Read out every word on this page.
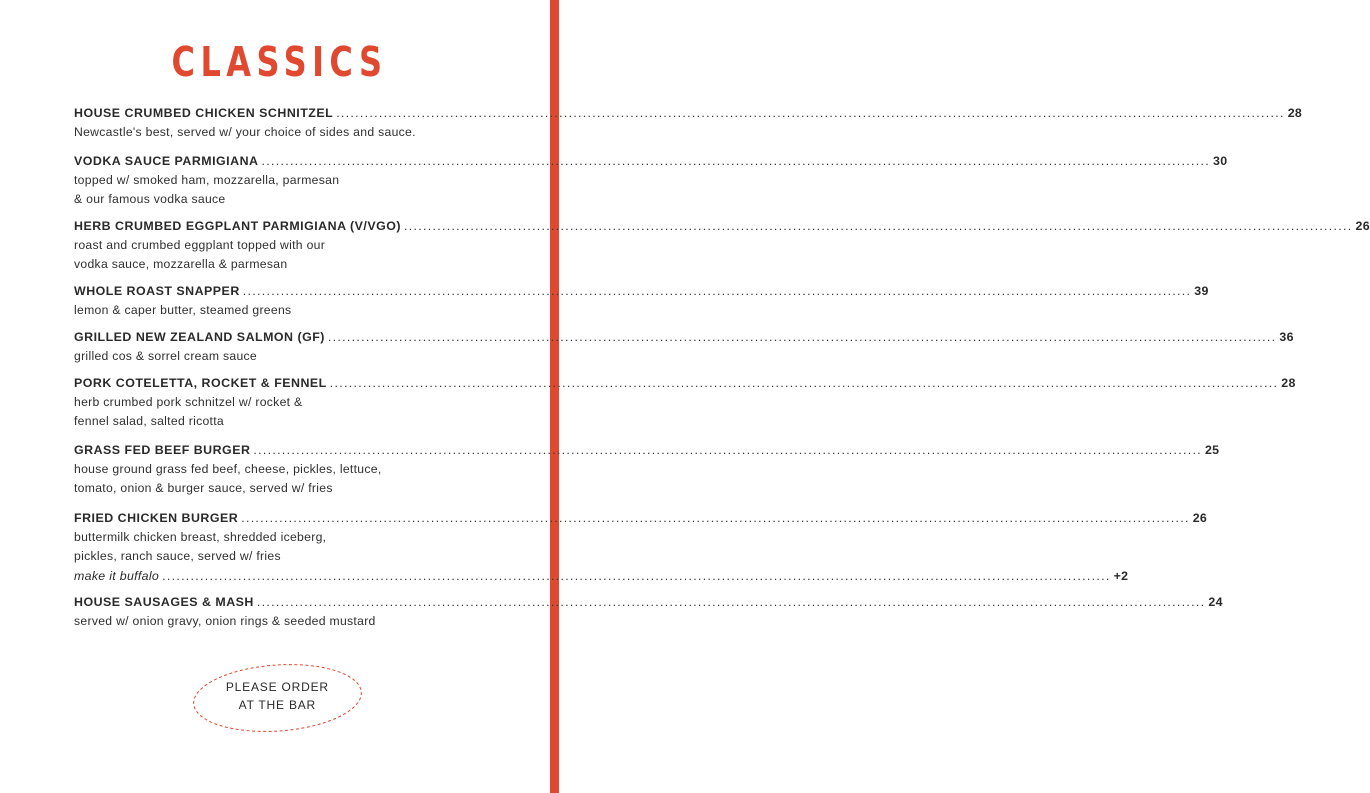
CLASSICS
HOUSE CRUMBED CHICKEN SCHNITZEL ........................................................................................................................................................................................................ 28
Newcastle's best, served w/ your choice of sides and sauce.
VODKA SAUCE PARMIGIANA ........................................................................................................................................................................................................ 30
topped w/ smoked ham, mozzarella, parmesan
& our famous vodka sauce
HERB CRUMBED EGGPLANT PARMIGIANA (V/VGO) ........................................................................................................................................................................................................ 26
roast and crumbed eggplant topped with our
vodka sauce, mozzarella & parmesan
WHOLE ROAST SNAPPER ........................................................................................................................................................................................................ 39
lemon & caper butter, steamed greens
GRILLED NEW ZEALAND SALMON (GF) ........................................................................................................................................................................................................ 36
grilled cos & sorrel cream sauce
PORK COTELETTA, ROCKET & FENNEL ........................................................................................................................................................................................................ 28
herb crumbed pork schnitzel w/ rocket &
fennel salad, salted ricotta
GRASS FED BEEF BURGER ........................................................................................................................................................................................................ 25
house ground grass fed beef, cheese, pickles, lettuce,
tomato, onion & burger sauce, served w/ fries
FRIED CHICKEN BURGER ........................................................................................................................................................................................................ 26
buttermilk chicken breast, shredded iceberg,
pickles, ranch sauce, served w/ fries
make it buffalo ........................................................................................................................................................................................................ +2
HOUSE SAUSAGES & MASH ........................................................................................................................................................................................................ 24
served w/ onion gravy, onion rings & seeded mustard
PLEASE ORDER
AT THE BAR
